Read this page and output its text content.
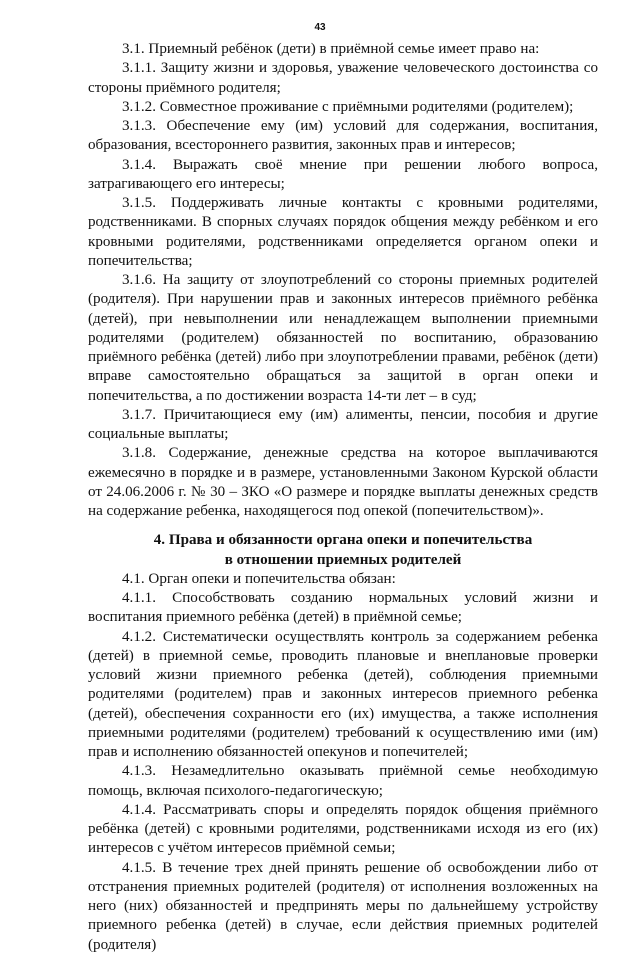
43

3.1. Приемный ребёнок (дети) в приёмной семье имеет право на:

3.1.1. Защиту жизни и здоровья, уважение человеческого достоинства со стороны приёмного родителя;

3.1.2. Совместное проживание с приёмными родителями (родителем);

3.1.3. Обеспечение ему (им) условий для содержания, воспитания, образования, всестороннего развития, законных прав и интересов;

3.1.4. Выражать своё мнение при решении любого вопроса, затрагивающего его интересы;

3.1.5. Поддерживать личные контакты с кровными родителями, родственниками. В спорных случаях порядок общения между ребёнком и его кровными родителями, родственниками определяется органом опеки и попечительства;

3.1.6. На защиту от злоупотреблений со стороны приемных родителей (родителя). При нарушении прав и законных интересов приёмного ребёнка (детей), при невыполнении или ненадлежащем выполнении приемными родителями (родителем) обязанностей по воспитанию, образованию приёмного ребёнка (детей) либо при злоупотреблении правами, ребёнок (дети) вправе самостоятельно обращаться за защитой в орган опеки и попечительства, а по достижении возраста 14-ти лет – в суд;

3.1.7. Причитающиеся ему (им) алименты, пенсии, пособия и другие социальные выплаты;

3.1.8. Содержание, денежные средства на которое выплачиваются ежемесячно в порядке и в размере, установленными Законом Курской области от 24.06.2006 г. № 30 – ЗКО «О размере и порядке выплаты денежных средств на содержание ребенка, находящегося под опекой (попечительством)».

4. Права и обязанности органа опеки и попечительства
в отношении приемных родителей

4.1. Орган опеки и попечительства обязан:

4.1.1. Способствовать созданию нормальных условий жизни и воспитания приемного ребёнка (детей) в приёмной семье;

4.1.2. Систематически осуществлять контроль за содержанием ребенка (детей) в приемной семье, проводить плановые и внеплановые проверки условий жизни приемного ребенка (детей), соблюдения приемными родителями (родителем) прав и законных интересов приемного ребенка (детей), обеспечения сохранности его (их) имущества, а также исполнения приемными родителями (родителем) требований к осуществлению ими (им) прав и исполнению обязанностей опекунов и попечителей;

4.1.3. Незамедлительно оказывать приёмной семье необходимую помощь, включая психолого-педагогическую;

4.1.4. Рассматривать споры и определять порядок общения приёмного ребёнка (детей) с кровными родителями, родственниками исходя из его (их) интересов с учётом интересов приёмной семьи;

4.1.5. В течение трех дней принять решение об освобождении либо от отстранения приемных родителей (родителя) от исполнения возложенных на него (них) обязанностей и предпринять меры по дальнейшему устройству приемного ребенка (детей) в случае, если действия приемных родителей (родителя)
